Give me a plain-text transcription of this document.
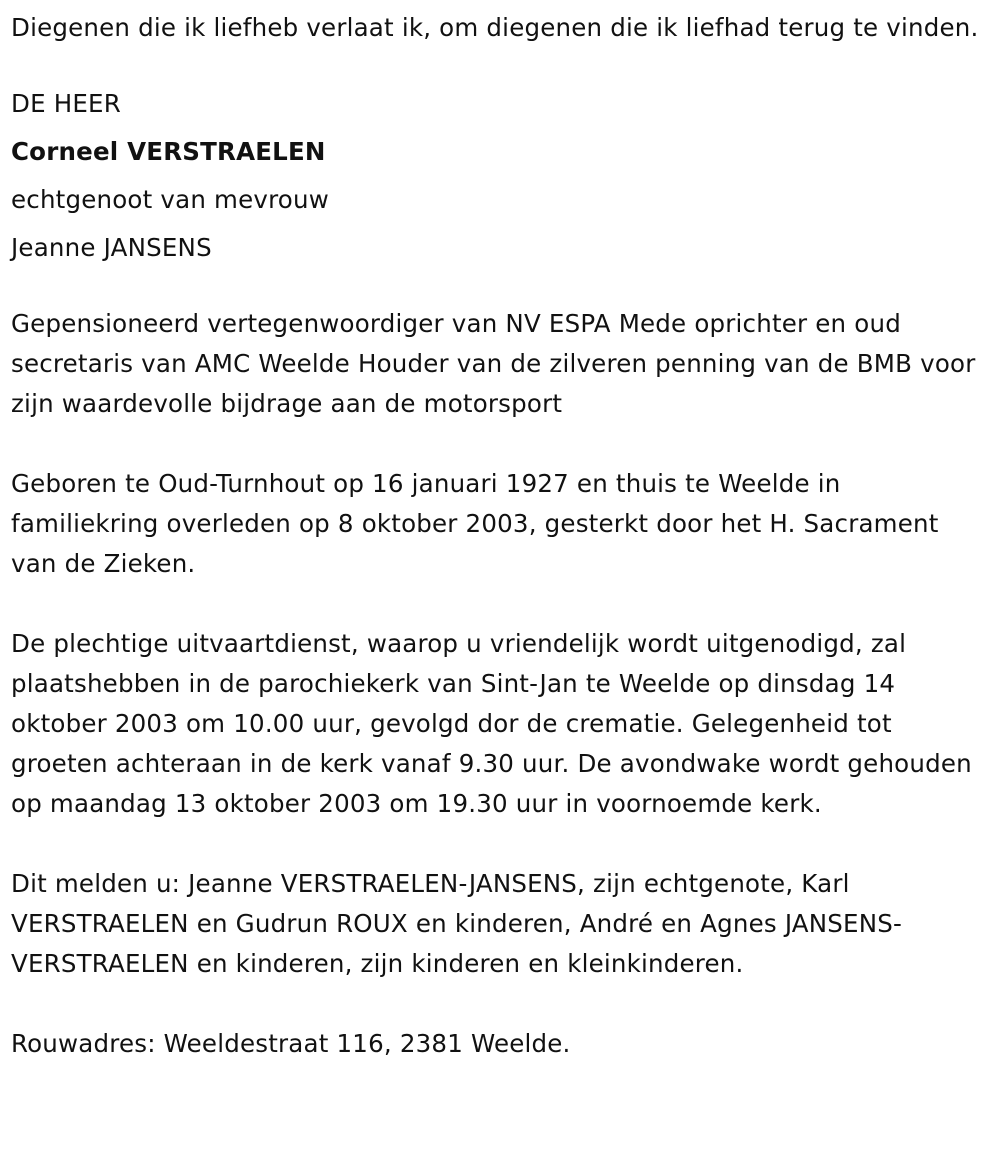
Diegenen die ik liefheb verlaat ik, om diegenen die ik liefhad terug te vinden.

DE HEER

Corneel VERSTRAELEN

echtgenoot van mevrouw

Jeanne JANSENS

Gepensioneerd vertegenwoordiger van NV ESPA Mede oprichter en oud secretaris van AMC Weelde Houder van de zilveren penning van de BMB voor zijn waardevolle bijdrage aan de motorsport

Geboren te Oud-Turnhout op 16 januari 1927 en thuis te Weelde in familiekring overleden op 8 oktober 2003, gesterkt door het H. Sacrament van de Zieken.

De plechtige uitvaartdienst, waarop u vriendelijk wordt uitgenodigd, zal plaatshebben in de parochiekerk van Sint-Jan te Weelde op dinsdag 14 oktober 2003 om 10.00 uur, gevolgd dor de crematie. Gelegenheid tot groeten achteraan in de kerk vanaf 9.30 uur. De avondwake wordt gehouden op maandag 13 oktober 2003 om 19.30 uur in voornoemde kerk.

Dit melden u: Jeanne VERSTRAELEN-JANSENS, zijn echtgenote, Karl VERSTRAELEN en Gudrun ROUX en kinderen, André en Agnes JANSENS-VERSTRAELEN en kinderen, zijn kinderen en kleinkinderen.

Rouwadres: Weeldestraat 116, 2381 Weelde.
